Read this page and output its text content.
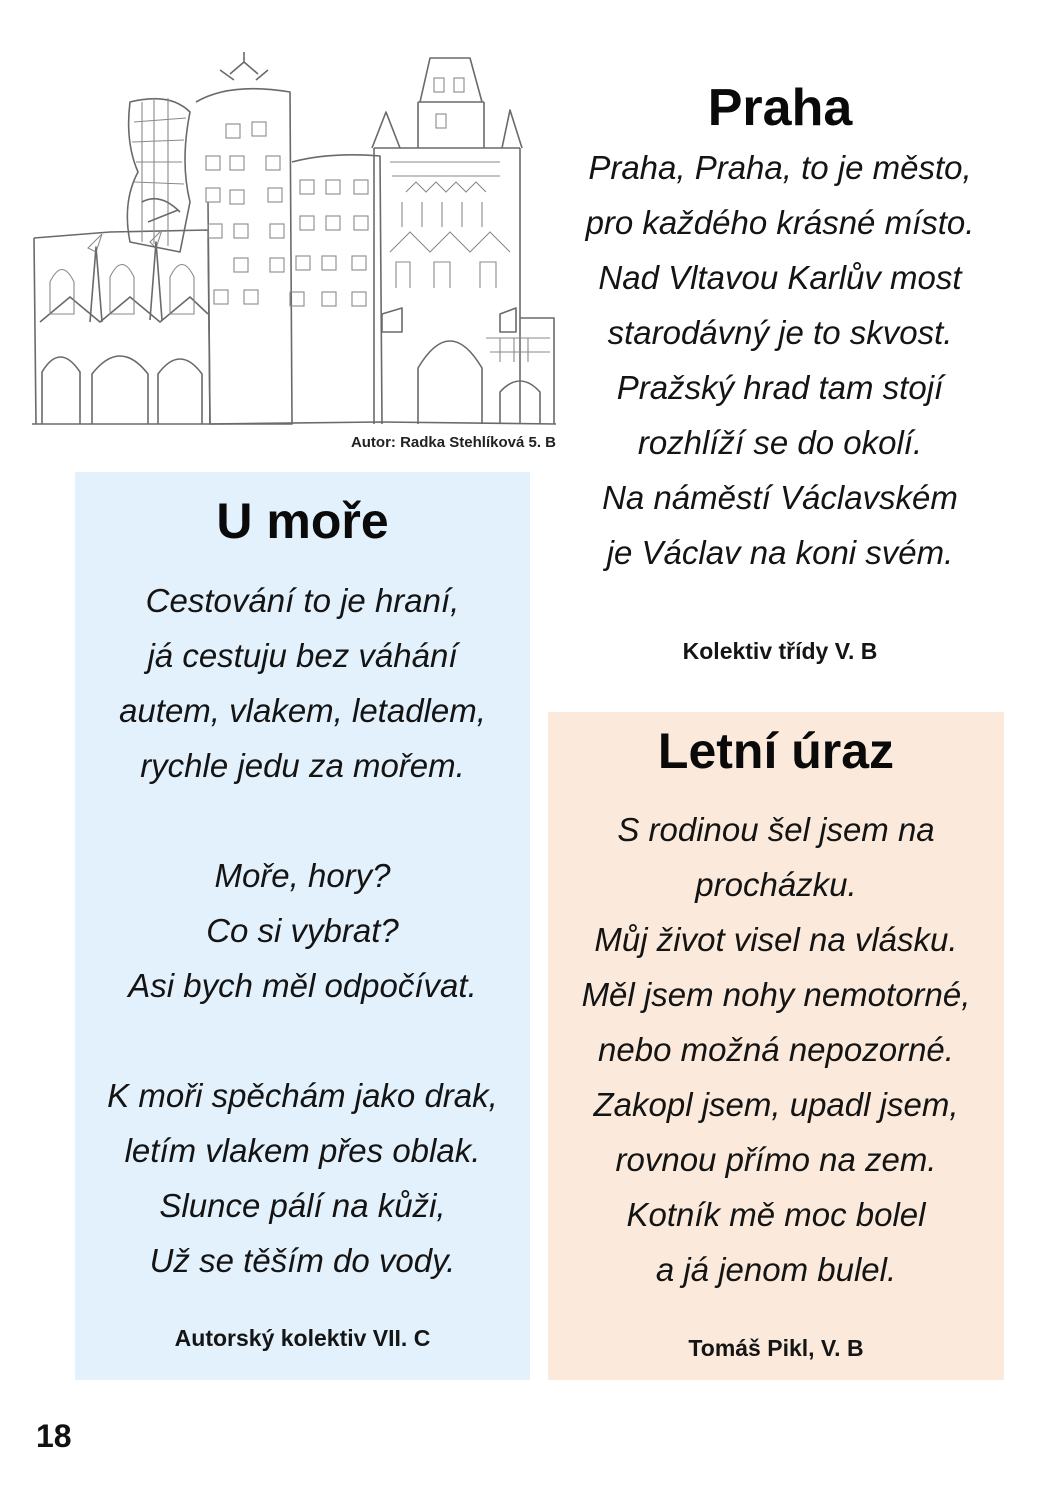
Autor: Radka Stehlíková 5. B
Praha
Praha, Praha, to je město,
pro každého krásné místo.
Nad Vltavou Karlův most
starodávný je to skvost.
Pražský hrad tam stojí
rozhlíží se do okolí.
Na náměstí Václavském
je Václav na koni svém.
Kolektiv třídy V. B
U moře
Cestování to je hraní,
já cestuju bez váhání
autem, vlakem, letadlem,
rychle jedu za mořem.
Moře, hory?
Co si vybrat?
Asi bych měl odpočívat.
K moři spěchám jako drak,
letím vlakem přes oblak.
Slunce pálí na kůži,
Už se těším do vody.
Autorský kolektiv VII. C
Letní úraz
S rodinou šel jsem na
procházku.
Můj život visel na vlásku.
Měl jsem nohy nemotorné,
nebo možná nepozorné.
Zakopl jsem, upadl jsem,
rovnou přímo na zem.
Kotník mě moc bolel
a já jenom bulel.
Tomáš Pikl, V. B
18
